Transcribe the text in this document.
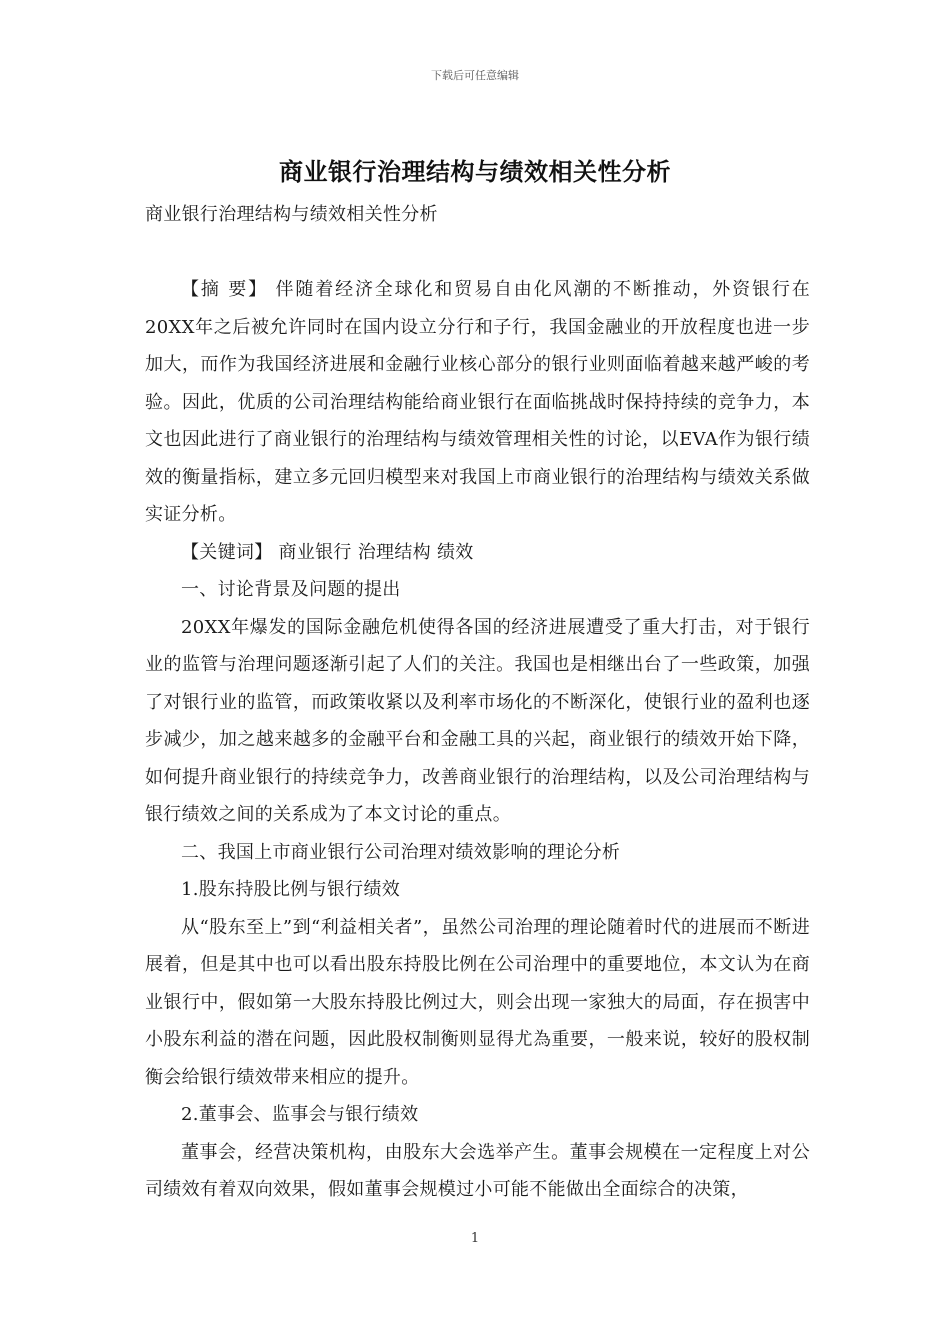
下载后可任意编辑
商业银行治理结构与绩效相关性分析

商业银行治理结构与绩效相关性分析

【摘 要】 伴随着经济全球化和贸易自由化风潮的不断推动，外资银行在20XX年之后被允许同时在国内设立分行和子行，我国金融业的开放程度也进一步加大，而作为我国经济进展和金融行业核心部分的银行业则面临着越来越严峻的考验。因此，优质的公司治理结构能给商业银行在面临挑战时保持持续的竞争力，本文也因此进行了商业银行的治理结构与绩效管理相关性的讨论，以EVA作为银行绩效的衡量指标，建立多元回归模型来对我国上市商业银行的治理结构与绩效关系做实证分析。

【关键词】 商业银行 治理结构 绩效

一、讨论背景及问题的提出

20XX年爆发的国际金融危机使得各国的经济进展遭受了重大打击，对于银行业的监管与治理问题逐渐引起了人们的关注。我国也是相继出台了一些政策，加强了对银行业的监管，而政策收紧以及利率市场化的不断深化，使银行业的盈利也逐步减少，加之越来越多的金融平台和金融工具的兴起，商业银行的绩效开始下降，如何提升商业银行的持续竞争力，改善商业银行的治理结构，以及公司治理结构与银行绩效之间的关系成为了本文讨论的重点。

二、我国上市商业银行公司治理对绩效影响的理论分析

1.股东持股比例与银行绩效

从“股东至上”到“利益相关者”，虽然公司治理的理论随着时代的进展而不断进展着，但是其中也可以看出股东持股比例在公司治理中的重要地位，本文认为在商业银行中，假如第一大股东持股比例过大，则会出现一家独大的局面，存在损害中小股东利益的潜在问题，因此股权制衡则显得尤為重要，一般来说，较好的股权制衡会给银行绩效带来相应的提升。

2.董事会、监事会与银行绩效

董事会，经营决策机构，由股东大会选举产生。董事会规模在一定程度上对公司绩效有着双向效果，假如董事会规模过小可能不能做出全面综合的决策，

1
